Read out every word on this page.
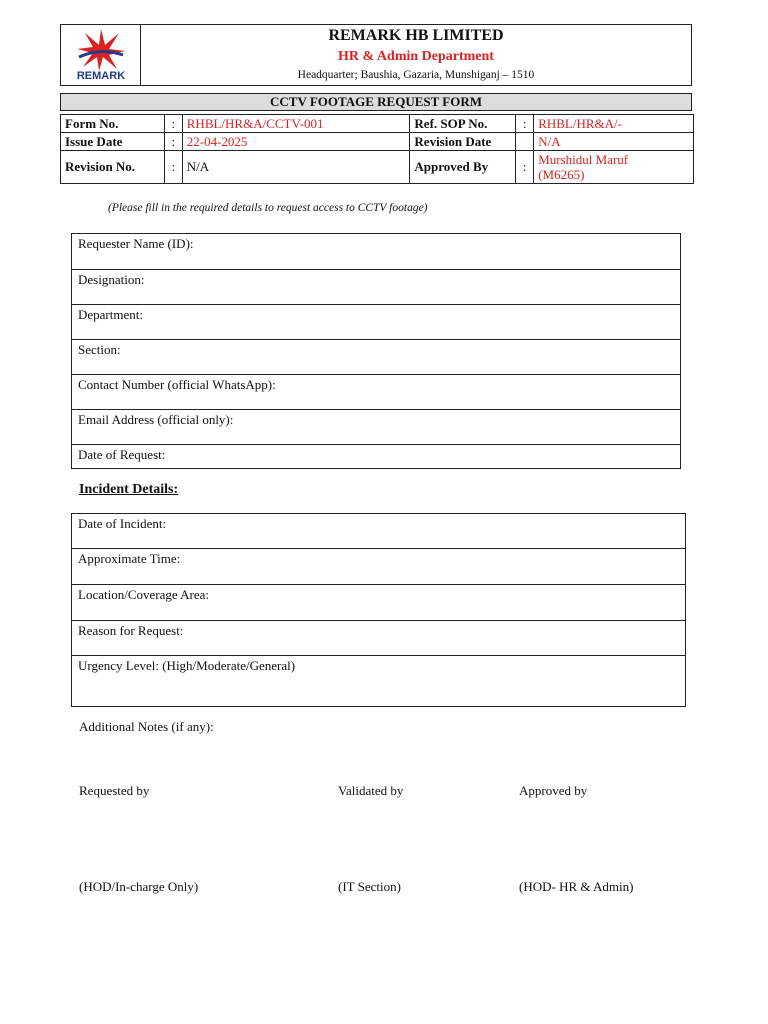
REMARK
REMARK HB LIMITED
HR & Admin Department
Headquarter; Baushia, Gazaria, Munshiganj – 1510
CCTV FOOTAGE REQUEST FORM
Form No.	:	RHBL/HR&A/CCTV-001	Ref. SOP No.	:	RHBL/HR&A/-
Issue Date	:	22-04-2025	Revision Date		N/A
Revision No.	:	N/A	Approved By	:	Murshidul Maruf
(M6265)
(Please fill in the required details to request access to CCTV footage)
Requester Name (ID):
Designation:
Department:
Section:
Contact Number (official WhatsApp):
Email Address (official only):
Date of Request:
Incident Details:
Date of Incident:
Approximate Time:
Location/Coverage Area:
Reason for Request:
Urgency Level: (High/Moderate/General)
Additional Notes (if any):
Requested by	Validated by	Approved by
(HOD/In-charge Only)	(IT Section)	(HOD- HR & Admin)
